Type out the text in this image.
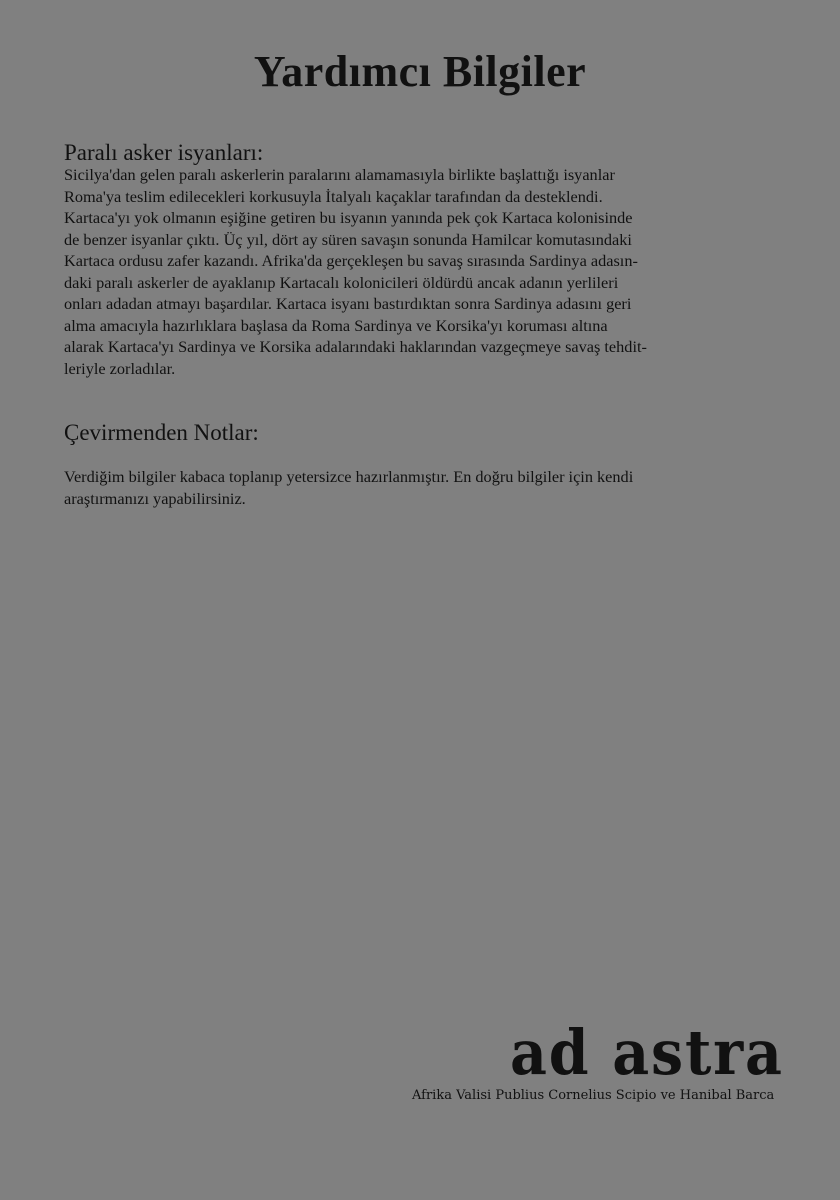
Yardımcı Bilgiler
Paralı asker isyanları:
Sicilya'dan gelen paralı askerlerin paralarını alamamasıyla birlikte başlattığı isyanlar
Roma'ya teslim edilecekleri korkusuyla İtalyalı kaçaklar tarafından da desteklendi.
Kartaca'yı yok olmanın eşiğine getiren bu isyanın yanında pek çok Kartaca kolonisinde
de benzer isyanlar çıktı. Üç yıl, dört ay süren savaşın sonunda Hamilcar komutasındaki
Kartaca ordusu zafer kazandı. Afrika'da gerçekleşen bu savaş sırasında Sardinya adasın-
daki paralı askerler de ayaklanıp Kartacalı kolonicileri öldürdü ancak adanın yerlileri
onları adadan atmayı başardılar. Kartaca isyanı bastırdıktan sonra Sardinya adasını geri
alma amacıyla hazırlıklara başlasa da Roma Sardinya ve Korsika'yı koruması altına
alarak Kartaca'yı Sardinya ve Korsika adalarındaki haklarından vazgeçmeye savaş tehdit-
leriyle zorladılar.
Çevirmenden Notlar:
Verdiğim bilgiler kabaca toplanıp yetersizce hazırlanmıştır. En doğru bilgiler için kendi
araştırmanızı yapabilirsiniz.
ad astra
Afrika Valisi Publius Cornelius Scipio ve Hanibal Barca
